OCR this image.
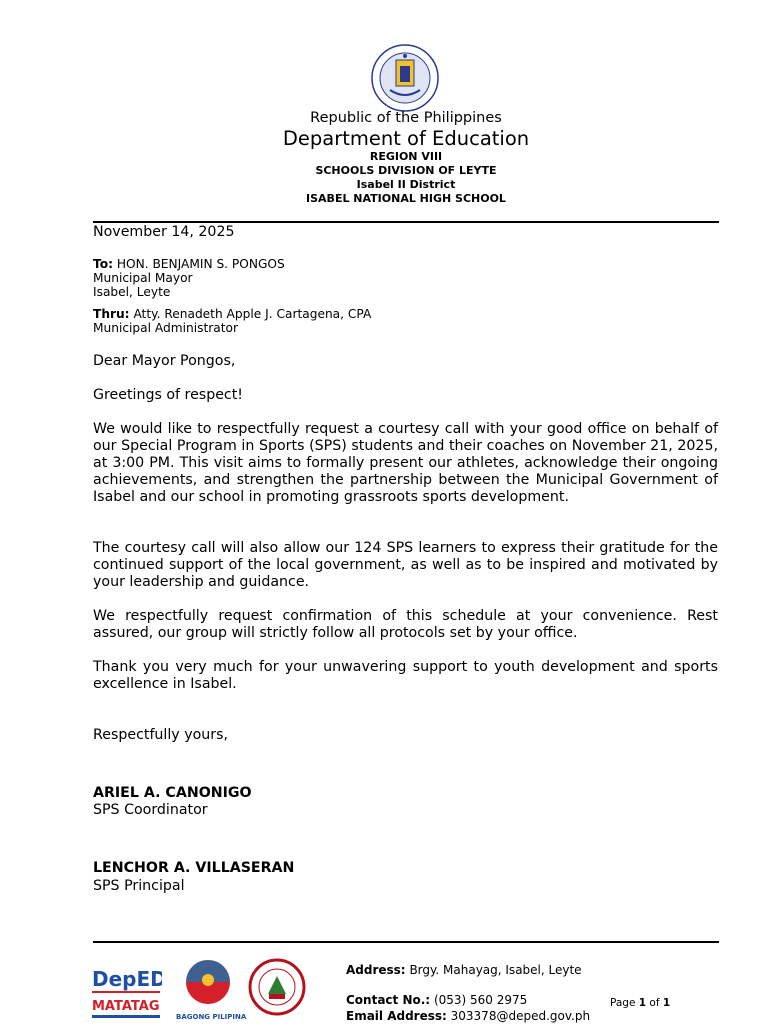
Republic of the Philippines
Department of Education
REGION VIII
SCHOOLS DIVISION OF LEYTE
Isabel II District
ISABEL NATIONAL HIGH SCHOOL
November 14, 2025
To: HON. BENJAMIN S. PONGOS
Municipal Mayor
Isabel, Leyte
Thru: Atty. Renadeth Apple J. Cartagena, CPA
Municipal Administrator
Dear Mayor Pongos,
Greetings of respect!
We would like to respectfully request a courtesy call with your good office on behalf of our Special Program in Sports (SPS) students and their coaches on November 21, 2025, at 3:00 PM. This visit aims to formally present our athletes, acknowledge their ongoing achievements, and strengthen the partnership between the Municipal Government of Isabel and our school in promoting grassroots sports development.
The courtesy call will also allow our 124 SPS learners to express their gratitude for the continued support of the local government, as well as to be inspired and motivated by your leadership and guidance.
We respectfully request confirmation of this schedule at your convenience. Rest assured, our group will strictly follow all protocols set by your office.
Thank you very much for your unwavering support to youth development and sports excellence in Isabel.
Respectfully yours,
ARIEL A. CANONIGO
SPS Coordinator
LENCHOR A. VILLASERAN
SPS Principal
DepED
MATATAG
BAGONG PILIPINAS
Address: Brgy. Mahayag, Isabel, Leyte
Contact No.: (053) 560 2975
Email Address: 303378@deped.gov.ph
Page 1 of 1
